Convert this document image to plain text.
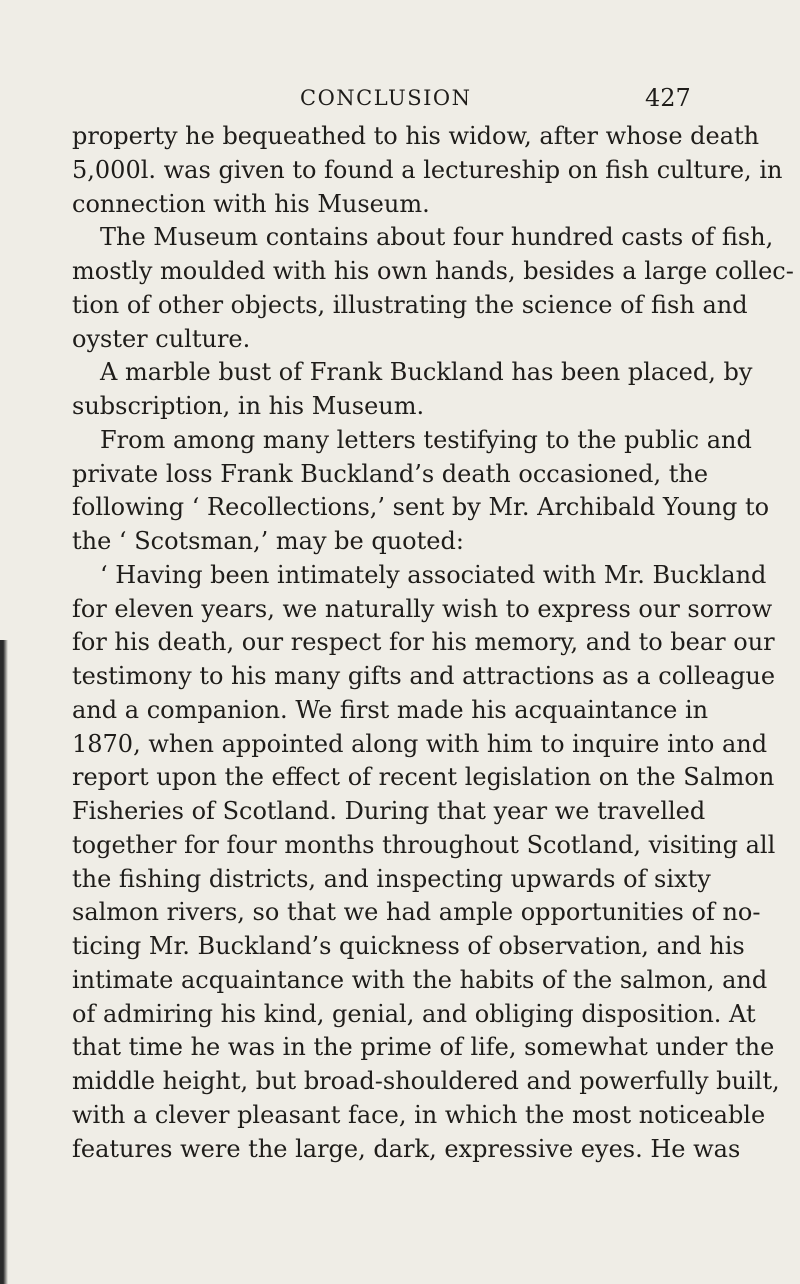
CONCLUSION	427
property he bequeathed to his widow, after whose death
5,000l. was given to found a lectureship on fish culture, in
connection with his Museum.
The Museum contains about four hundred casts of fish,
mostly moulded with his own hands, besides a large collec-
tion of other objects, illustrating the science of fish and
oyster culture.
A marble bust of Frank Buckland has been placed, by
subscription, in his Museum.
From among many letters testifying to the public and
private loss Frank Buckland’s death occasioned, the
following ‘ Recollections,’ sent by Mr. Archibald Young to
the ‘ Scotsman,’ may be quoted:
‘ Having been intimately associated with Mr. Buckland
for eleven years, we naturally wish to express our sorrow
for his death, our respect for his memory, and to bear our
testimony to his many gifts and attractions as a colleague
and a companion. We first made his acquaintance in
1870, when appointed along with him to inquire into and
report upon the effect of recent legislation on the Salmon
Fisheries of Scotland. During that year we travelled
together for four months throughout Scotland, visiting all
the fishing districts, and inspecting upwards of sixty
salmon rivers, so that we had ample opportunities of no-
ticing Mr. Buckland’s quickness of observation, and his
intimate acquaintance with the habits of the salmon, and
of admiring his kind, genial, and obliging disposition. At
that time he was in the prime of life, somewhat under the
middle height, but broad-shouldered and powerfully built,
with a clever pleasant face, in which the most noticeable
features were the large, dark, expressive eyes. He was
